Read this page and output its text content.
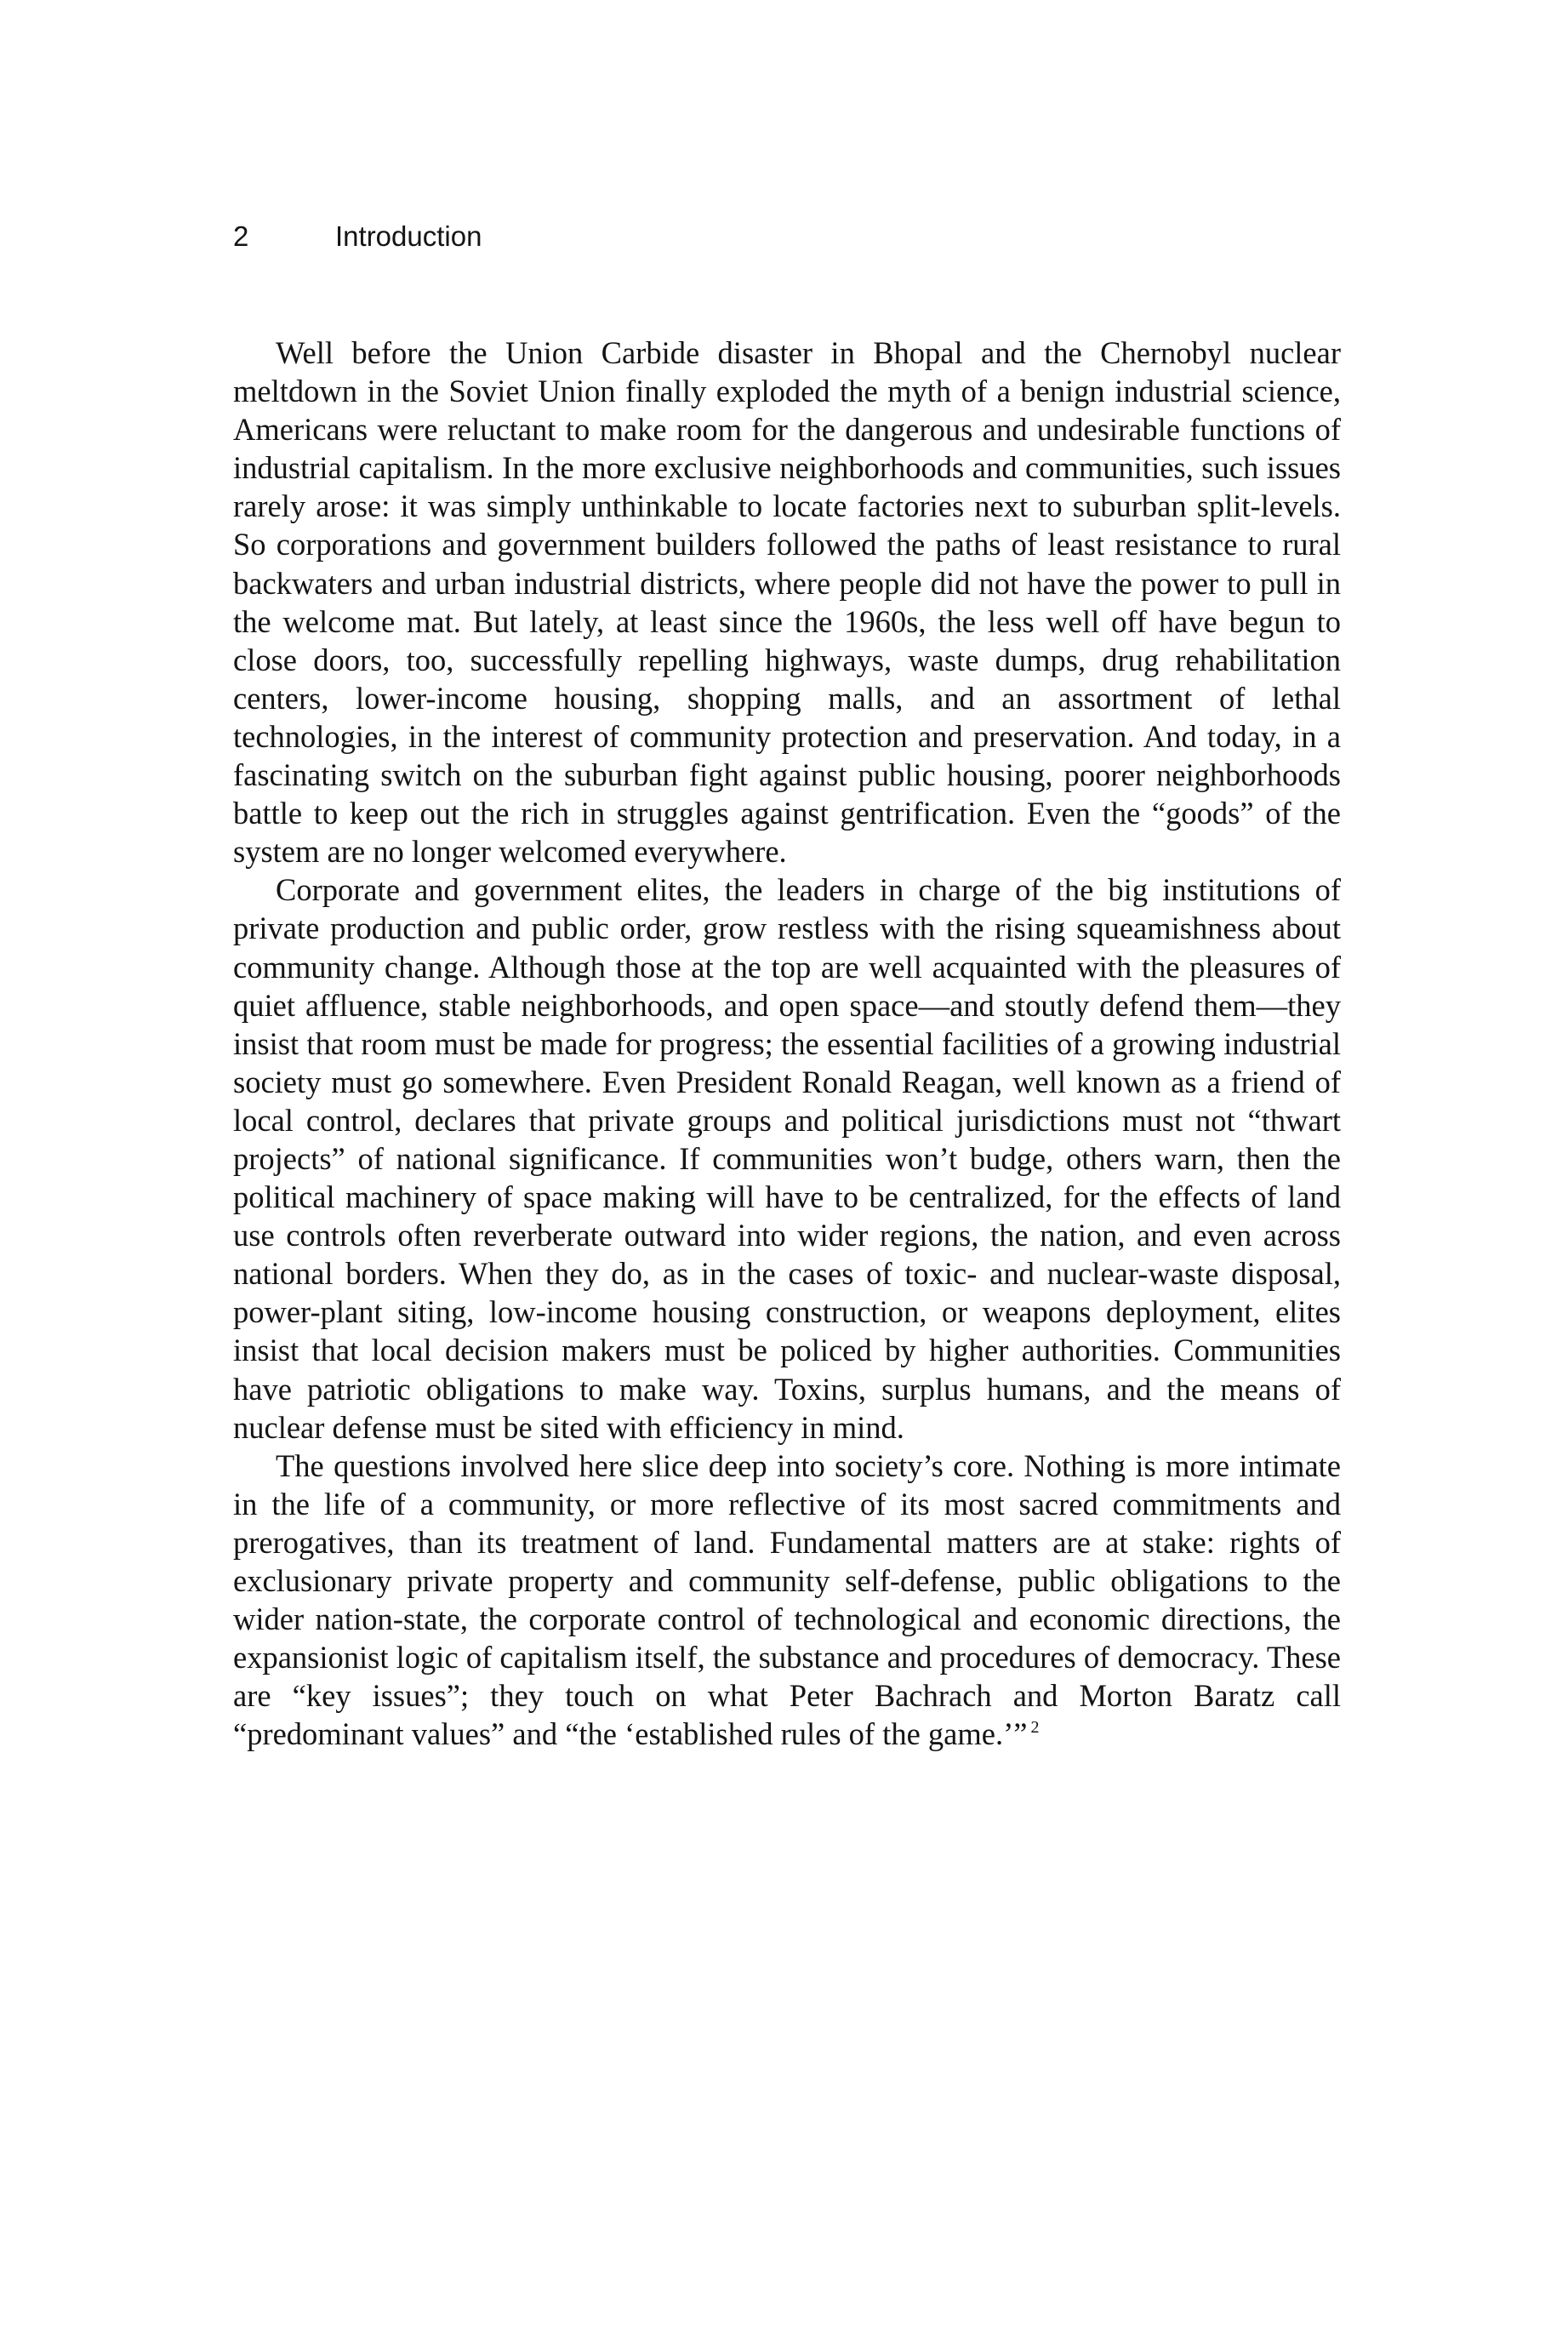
2	Introduction

Well before the Union Carbide disaster in Bhopal and the Chernobyl nuclear meltdown in the Soviet Union finally exploded the myth of a benign industrial science, Americans were reluctant to make room for the dangerous and undesirable functions of industrial capitalism. In the more exclusive neighborhoods and communities, such issues rarely arose: it was simply unthinkable to locate factories next to suburban split-levels. So corporations and government builders followed the paths of least resistance to rural backwaters and urban industrial districts, where people did not have the power to pull in the welcome mat. But lately, at least since the 1960s, the less well off have begun to close doors, too, successfully repelling highways, waste dumps, drug rehabilitation centers, lower-income housing, shopping malls, and an assortment of lethal technologies, in the interest of community protection and preservation. And today, in a fascinating switch on the suburban fight against public housing, poorer neighborhoods battle to keep out the rich in struggles against gentrification. Even the “goods” of the system are no longer welcomed everywhere.

Corporate and government elites, the leaders in charge of the big institutions of private production and public order, grow restless with the rising squeamishness about community change. Although those at the top are well acquainted with the pleasures of quiet affluence, stable neighborhoods, and open space—and stoutly defend them—they insist that room must be made for progress; the essential facilities of a growing industrial society must go somewhere. Even President Ronald Reagan, well known as a friend of local control, declares that private groups and political jurisdictions must not “thwart projects” of national significance. If communities won’t budge, others warn, then the political machinery of space making will have to be centralized, for the effects of land use controls often reverberate outward into wider regions, the nation, and even across national borders. When they do, as in the cases of toxic- and nuclear-waste disposal, power-plant siting, low-income housing construction, or weapons deployment, elites insist that local decision makers must be policed by higher authorities. Communities have patriotic obligations to make way. Toxins, surplus humans, and the means of nuclear defense must be sited with efficiency in mind.

The questions involved here slice deep into society’s core. Nothing is more intimate in the life of a community, or more reflective of its most sacred commitments and prerogatives, than its treatment of land. Fundamental matters are at stake: rights of exclusionary private property and community self-defense, public obligations to the wider nation-state, the corporate control of technological and economic directions, the expansionist logic of capitalism itself, the substance and procedures of democracy. These are “key issues”; they touch on what Peter Bachrach and Morton Baratz call “predominant values” and “the ‘established rules of the game.’” $^2$
